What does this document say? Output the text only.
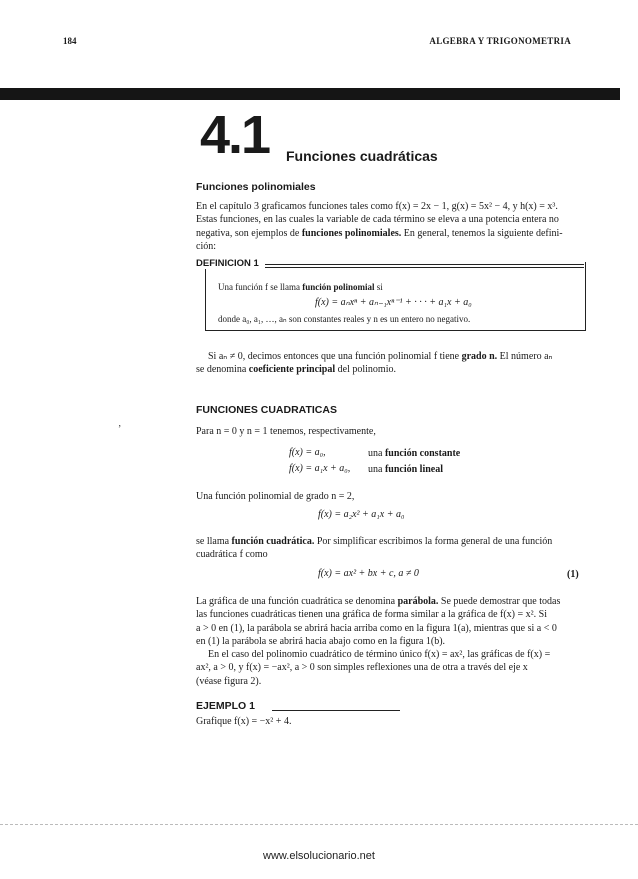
184	ALGEBRA Y TRIGONOMETRIA
4.1 Funciones cuadráticas
Funciones polinomiales
En el capítulo 3 graficamos funciones tales como f(x) = 2x − 1, g(x) = 5x² − 4, y h(x) = x³.
Estas funciones, en las cuales la variable de cada término se eleva a una potencia entera no
negativa, son ejemplos de funciones polinomiales. En general, tenemos la siguiente defini-
ción:
DEFINICION 1
Una función f se llama función polinomial si
f(x) = aₙxⁿ + aₙ₋₁xⁿ⁻¹ + · · · + a₁x + a₀
donde a₀, a₁, …, aₙ son constantes reales y n es un entero no negativo.
Si aₙ ≠ 0, decimos entonces que una función polinomial f tiene grado n. El número aₙ
se denomina coeficiente principal del polinomio.
FUNCIONES CUADRATICAS
‚
Para n = 0 y n = 1 tenemos, respectivamente,
f(x) = a₀,	una función constante
f(x) = a₁x + a₀, una función lineal
Una función polinomial de grado n = 2,
f(x) = a₂x² + a₁x + a₀
se llama función cuadrática. Por simplificar escribimos la forma general de una función
cuadrática f como
f(x) = ax² + bx + c, a ≠ 0	(1)
La gráfica de una función cuadrática se denomina parábola. Se puede demostrar que todas
las funciones cuadráticas tienen una gráfica de forma similar a la gráfica de f(x) = x². Si
a > 0 en (1), la parábola se abrirá hacia arriba como en la figura 1(a), mientras que si a < 0
en (1) la parábola se abrirá hacia abajo como en la figura 1(b).
En el caso del polinomio cuadrático de término único f(x) = ax², las gráficas de f(x) =
ax², a > 0, y f(x) = −ax², a > 0 son simples reflexiones una de otra a través del eje x
(véase figura 2).
EJEMPLO 1
Grafique f(x) = −x² + 4.
www.elsolucionario.net
